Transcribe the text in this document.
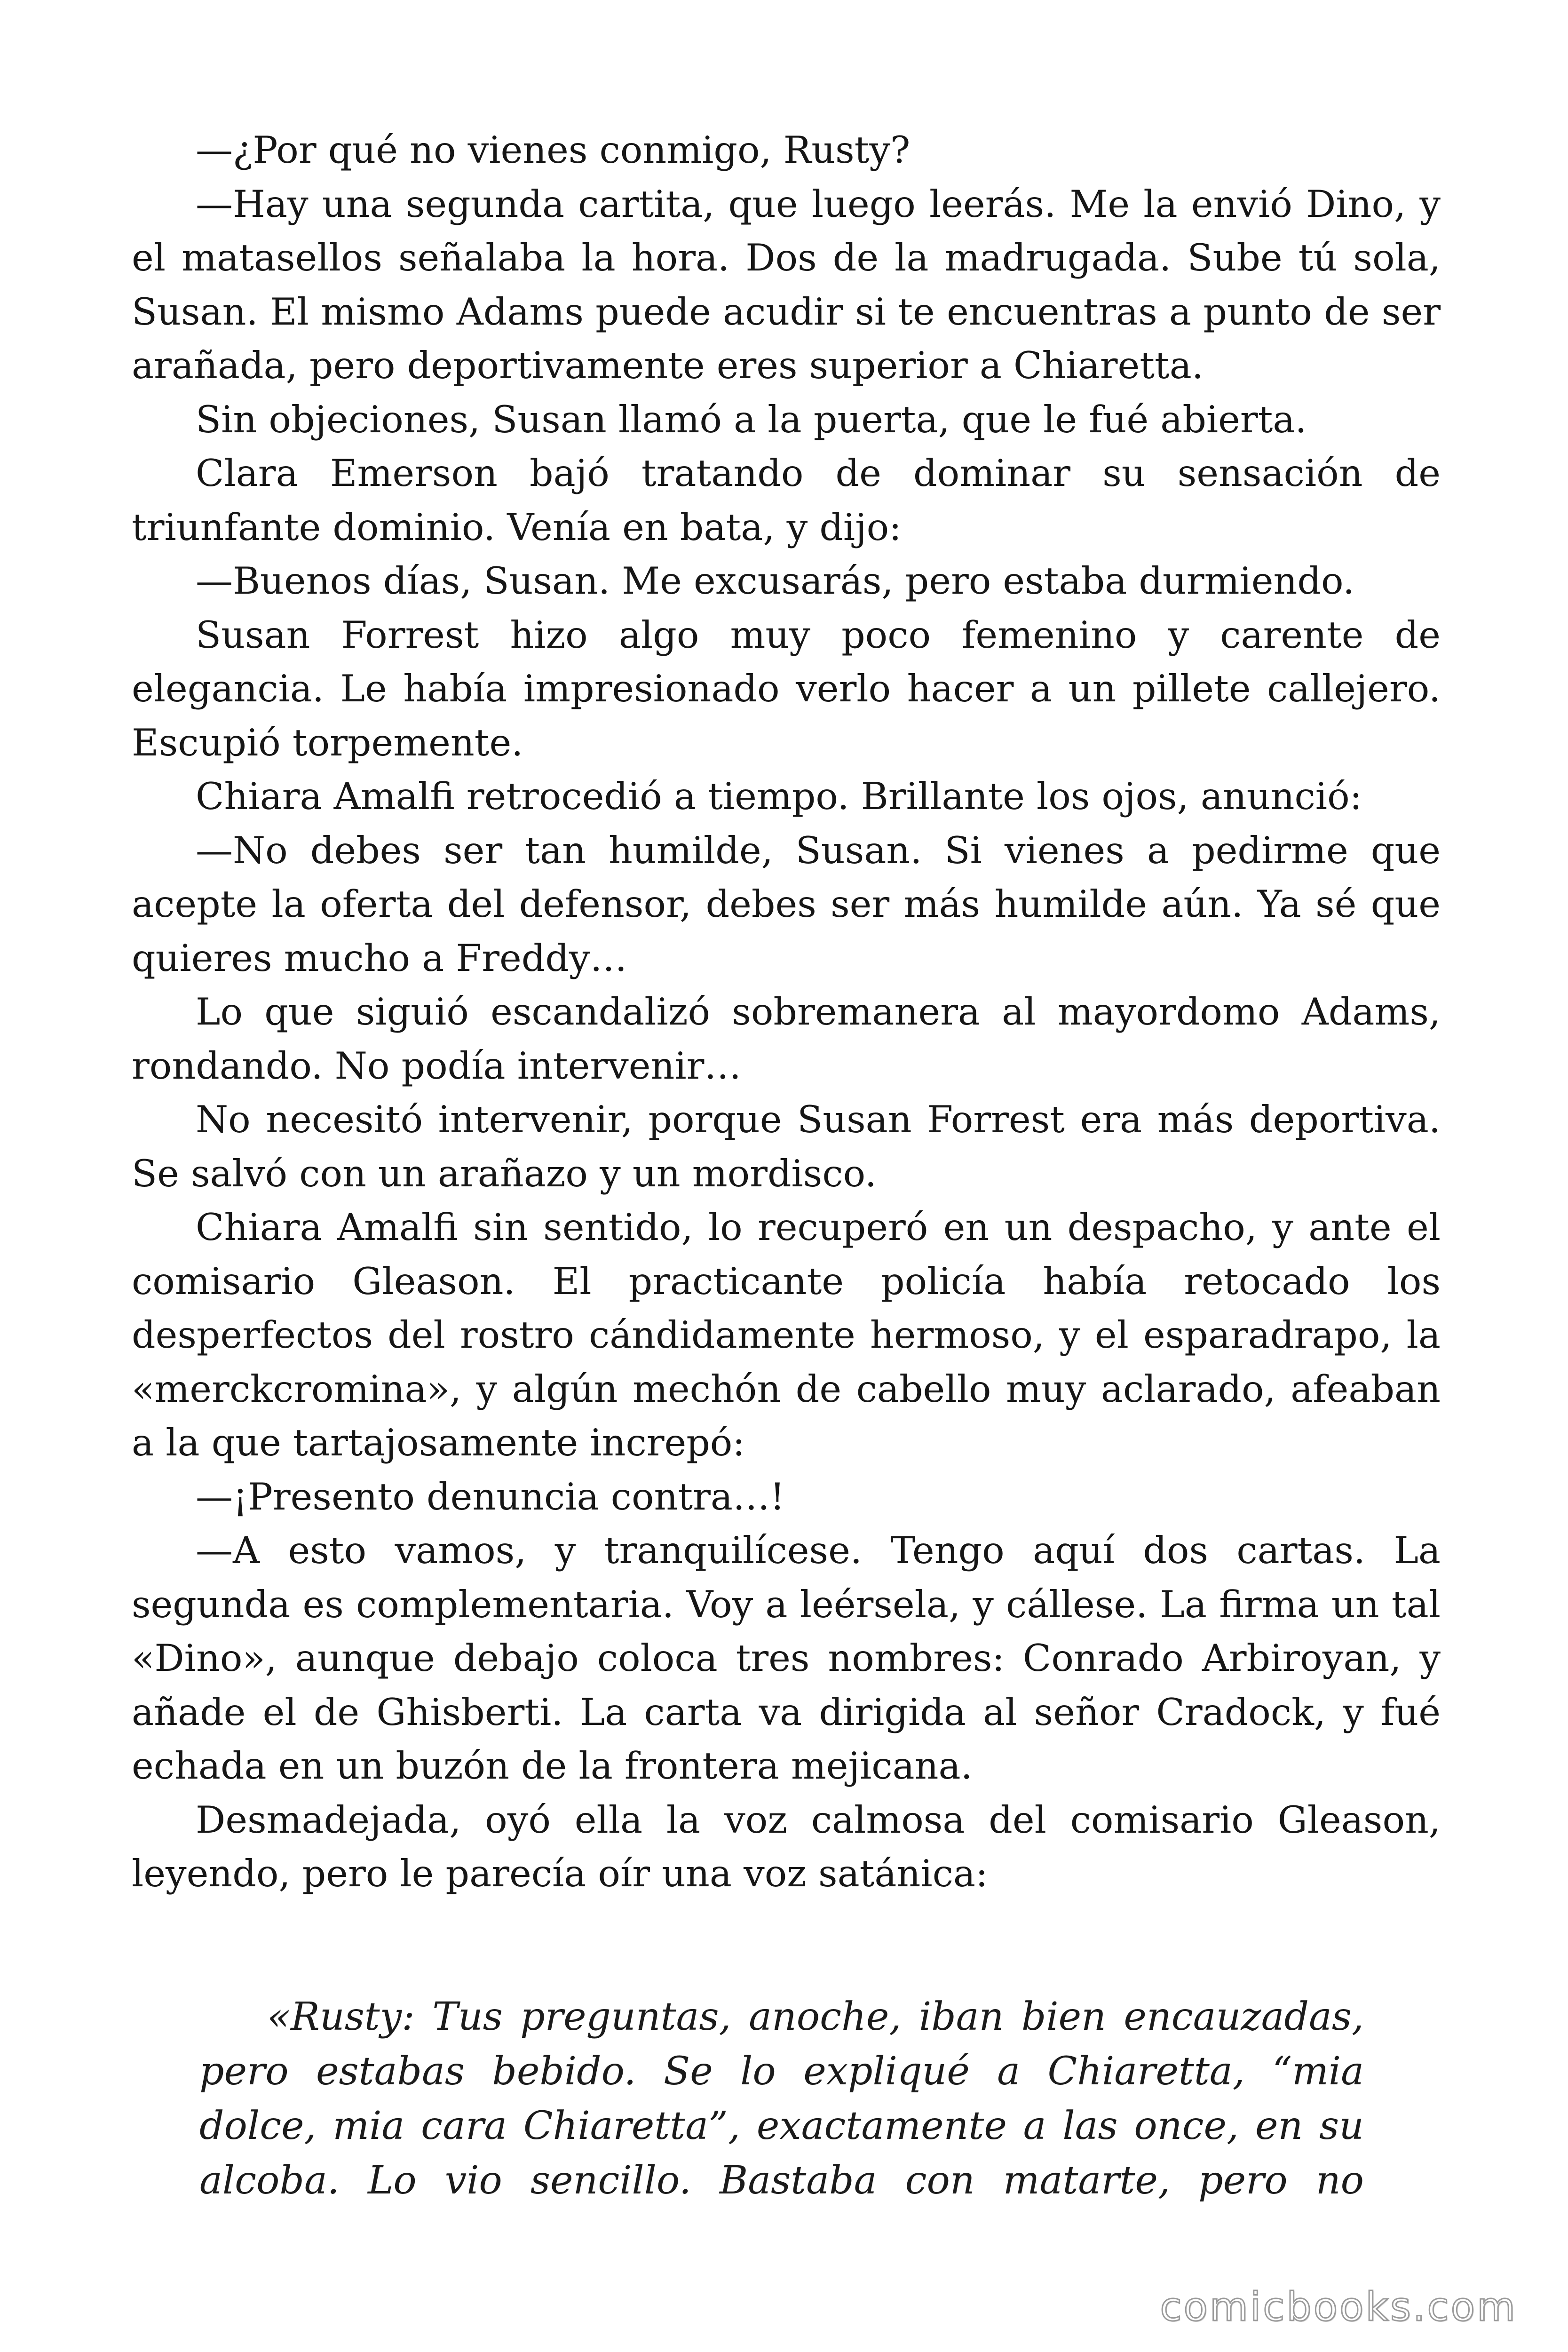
—¿Por qué no vienes conmigo, Rusty?

—Hay una segunda cartita, que luego leerás. Me la envió Dino, y el matasellos señalaba la hora. Dos de la madrugada. Sube tú sola, Susan. El mismo Adams puede acudir si te encuentras a punto de ser arañada, pero deportivamente eres superior a Chiaretta.

Sin objeciones, Susan llamó a la puerta, que le fué abierta.

Clara Emerson bajó tratando de dominar su sensación de triunfante dominio. Venía en bata, y dijo:

—Buenos días, Susan. Me excusarás, pero estaba durmiendo.

Susan Forrest hizo algo muy poco femenino y carente de elegancia. Le había impresionado verlo hacer a un pillete callejero. Escupió torpemente.

Chiara Amalfi retrocedió a tiempo. Brillante los ojos, anunció:

—No debes ser tan humilde, Susan. Si vienes a pedirme que acepte la oferta del defensor, debes ser más humilde aún. Ya sé que quieres mucho a Freddy…

Lo que siguió escandalizó sobremanera al mayordomo Adams, rondando. No podía intervenir…

No necesitó intervenir, porque Susan Forrest era más deportiva. Se salvó con un arañazo y un mordisco.

Chiara Amalfi sin sentido, lo recuperó en un despacho, y ante el comisario Gleason. El practicante policía había retocado los desperfectos del rostro cándidamente hermoso, y el esparadrapo, la «merckcromina», y algún mechón de cabello muy aclarado, afeaban a la que tartajosamente increpó:

—¡Presento denuncia contra…!

—A esto vamos, y tranquilícese. Tengo aquí dos cartas. La segunda es complementaria. Voy a leérsela, y cállese. La firma un tal «Dino», aunque debajo coloca tres nombres: Conrado Arbiroyan, y añade el de Ghisberti. La carta va dirigida al señor Cradock, y fué echada en un buzón de la frontera mejicana.

Desmadejada, oyó ella la voz calmosa del comisario Gleason, leyendo, pero le parecía oír una voz satánica:

«Rusty: Tus preguntas, anoche, iban bien encauzadas, pero estabas bebido. Se lo expliqué a Chiaretta, “mia dolce, mia cara Chiaretta”, exactamente a las once, en su alcoba. Lo vio sencillo. Bastaba con matarte, pero no

comicbooks.com
